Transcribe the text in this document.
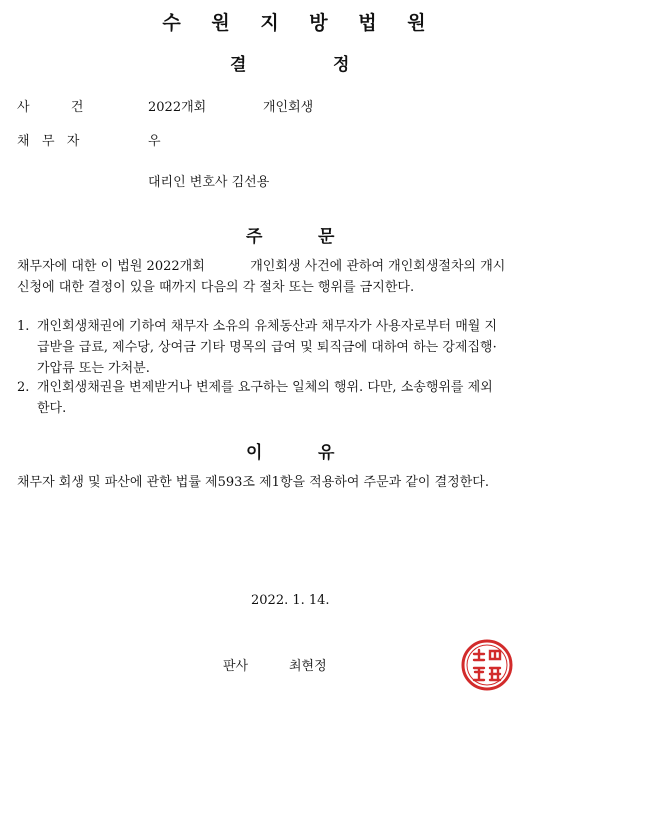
수 원 지 방 법 원
결	정
사          건	2022개회	개인회생
채   무   자	우
대리인 변호사 김선용
주	문
채무자에 대한 이 법원 2022개회           개인회생 사건에 관하여 개인회생절차의 개시
신청에 대한 결정이 있을 때까지 다음의 각 절차 또는 행위를 금지한다.
1. 개인회생채권에 기하여 채무자 소유의 유체동산과 채무자가 사용자로부터 매월 지
급받을 급료, 제수당, 상여금 기타 명목의 급여 및 퇴직금에 대하여 하는 강제집행·
가압류 또는 가처분.
2. 개인회생채권을 변제받거나 변제를 요구하는 일체의 행위. 다만, 소송행위를 제외
한다.
이	유
채무자 회생 및 파산에 관한 법률 제593조 제1항을 적용하여 주문과 같이 결정한다.
2022. 1. 14.
판사	최현정
